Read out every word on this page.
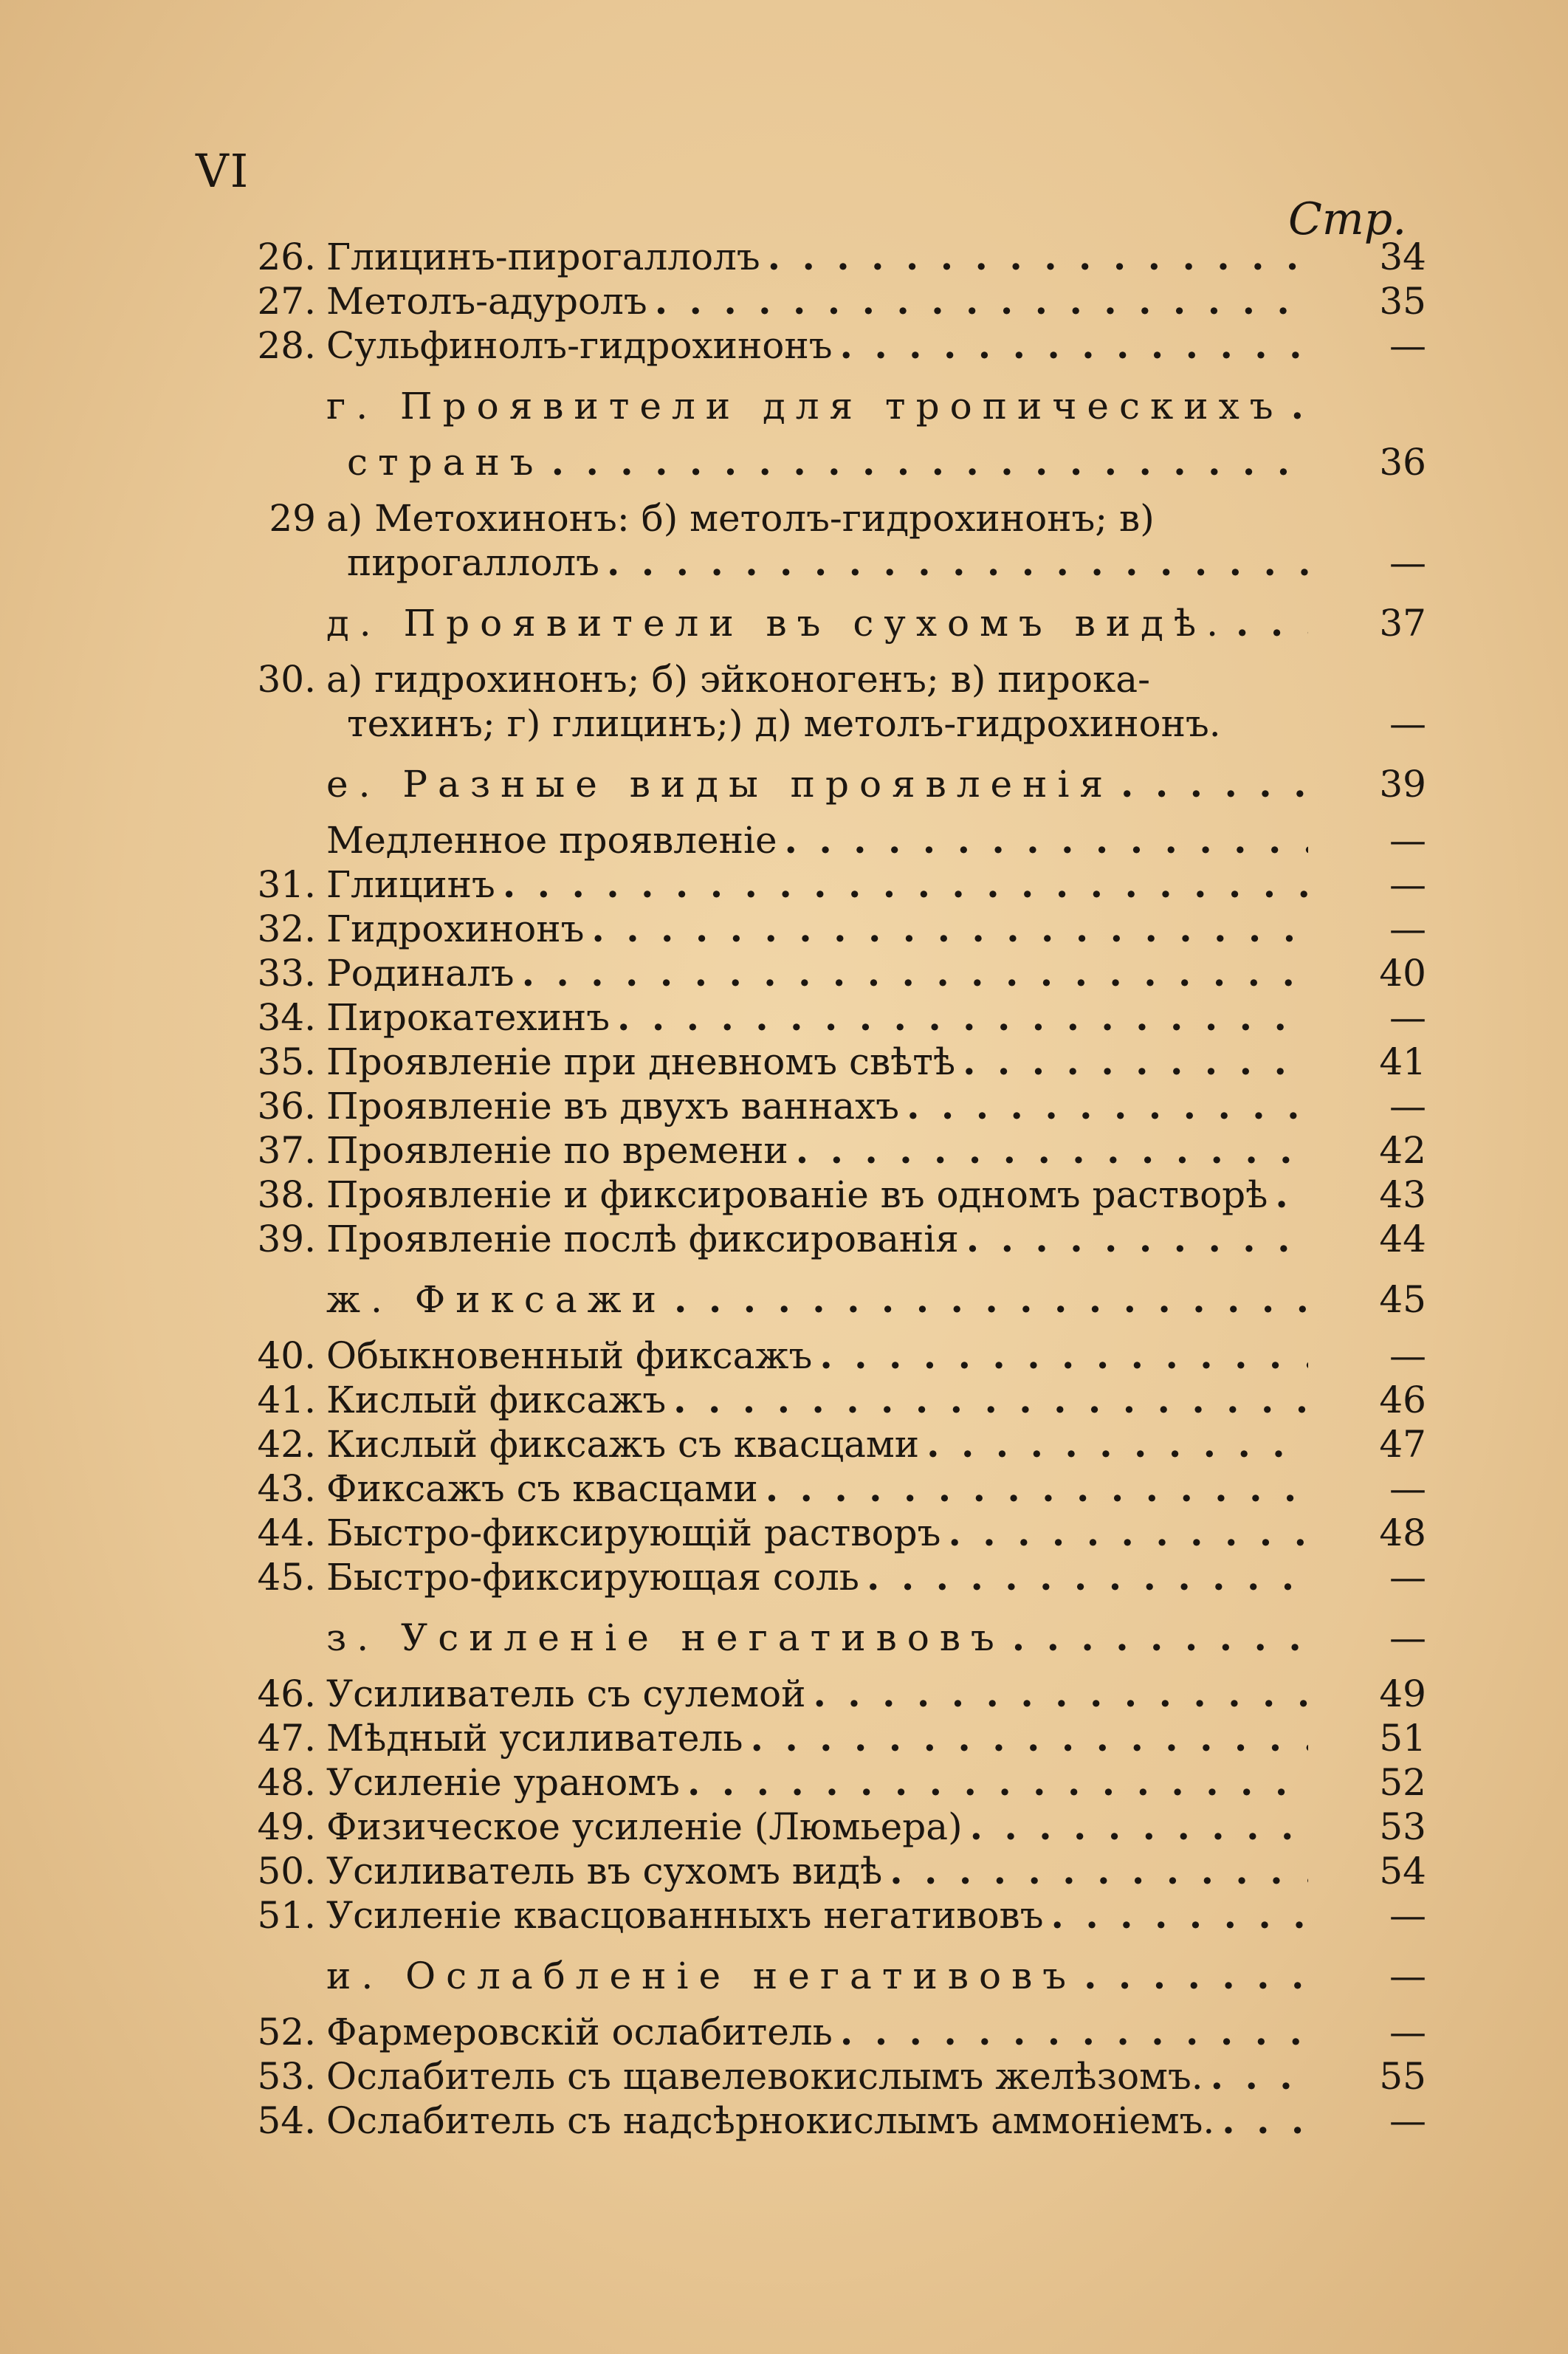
VI
Стр.
26. Глицинъ-пирогаллолъ . . .	34
27. Метолъ-адуролъ . . .	35
28. Сульфинолъ-гидрохинонъ . . .	—
г. Проявители для тропическихъ
. . .
странъ . . .	36
29 а) Метохинонъ: б) метолъ-гидрохинонъ; в)
пирогаллолъ . . .	—
д. Проявители въ сухомъ видѣ. . . .	37
30. а) гидрохинонъ; б) эйконогенъ; в) пирока-
техинъ; г) глицинъ;) д) метолъ-гидрохинонъ.	—
е. Разные виды проявленія . . .	39
Медленное проявленіе . . .	—
31. Глицинъ . . .	—
32. Гидрохинонъ . . .	—
33. Родиналъ . . .	40
34. Пирокатехинъ . . .	—
35. Проявленіе при дневномъ свѣтѣ . . .	41
36. Проявленіе въ двухъ ваннахъ . . .	—
37. Проявленіе по времени . . .	42
38. Проявленіе и фиксированіе въ одномъ растворѣ . . .	43
39. Проявленіе послѣ фиксированія . . .	44
ж. Фиксажи . . .	45
40. Обыкновенный фиксажъ . . .	—
41. Кислый фиксажъ . . .	46
42. Кислый фиксажъ съ квасцами . . .	47
43. Фиксажъ съ квасцами . . .	—
44. Быстро-фиксирующій растворъ . . .	48
45. Быстро-фиксирующая соль . . .	—
з. Усиленіе негативовъ . . .	—
46. Усиливатель съ сулемой . . .	49
47. Мѣдный усиливатель . . .	51
48. Усиленіе ураномъ . . .	52
49. Физическое усиленіе (Люмьера) . . .	53
50. Усиливатель въ сухомъ видѣ . . .	54
51. Усиленіе квасцованныхъ негативовъ . . .	—
и. Ослабленіе негативовъ . . .	—
52. Фармеровскій ослабитель . . .	—
53. Ослабитель съ щавелевокислымъ желѣзомъ. . . .	55
54. Ослабитель съ надсѣрнокислымъ аммоніемъ. . . .	—
